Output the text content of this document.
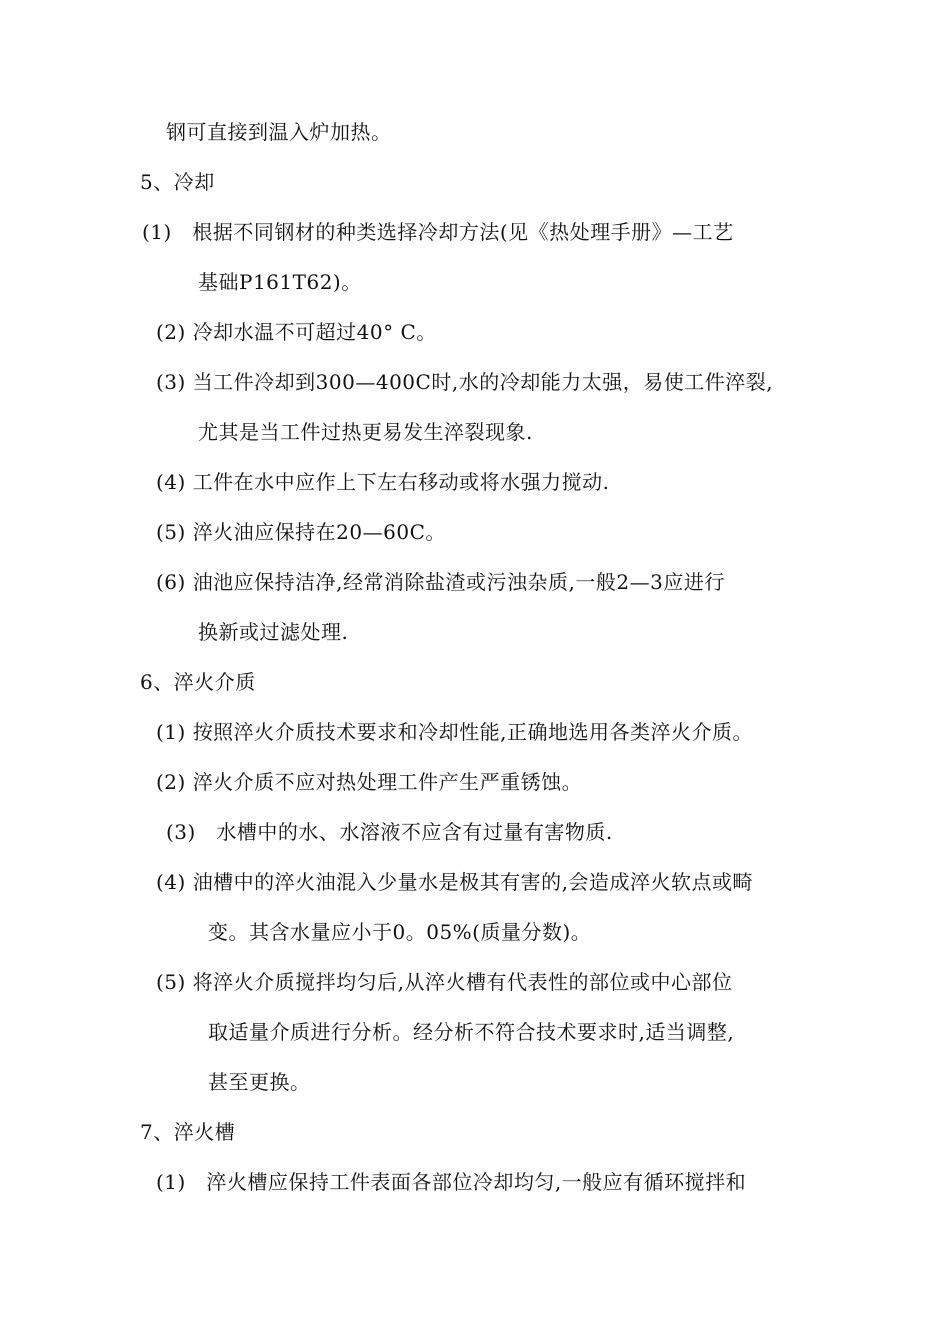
钢可直接到温入炉加热。
5、冷却
(1)　根据不同钢材的种类选择冷却方法(见《热处理手册》—工艺
基础P161T62)。
(2) 冷却水温不可超过40° C。
(3) 当工件冷却到300—400C时,水的冷却能力太强，易使工件淬裂,
尤其是当工件过热更易发生淬裂现象.
(4) 工件在水中应作上下左右移动或将水强力搅动.
(5) 淬火油应保持在20—60C。
(6) 油池应保持洁净,经常消除盐渣或污浊杂质,一般2—3应进行
换新或过滤处理.
6、淬火介质
(1) 按照淬火介质技术要求和冷却性能,正确地选用各类淬火介质。
(2) 淬火介质不应对热处理工件产生严重锈蚀。
(3)　水槽中的水、水溶液不应含有过量有害物质.
(4) 油槽中的淬火油混入少量水是极其有害的,会造成淬火软点或畸
变。其含水量应小于0。05%(质量分数)。
(5) 将淬火介质搅拌均匀后,从淬火槽有代表性的部位或中心部位
取适量介质进行分析。经分析不符合技术要求时,适当调整,
甚至更换。
7、淬火槽
(1)　淬火槽应保持工件表面各部位冷却均匀,一般应有循环搅拌和
